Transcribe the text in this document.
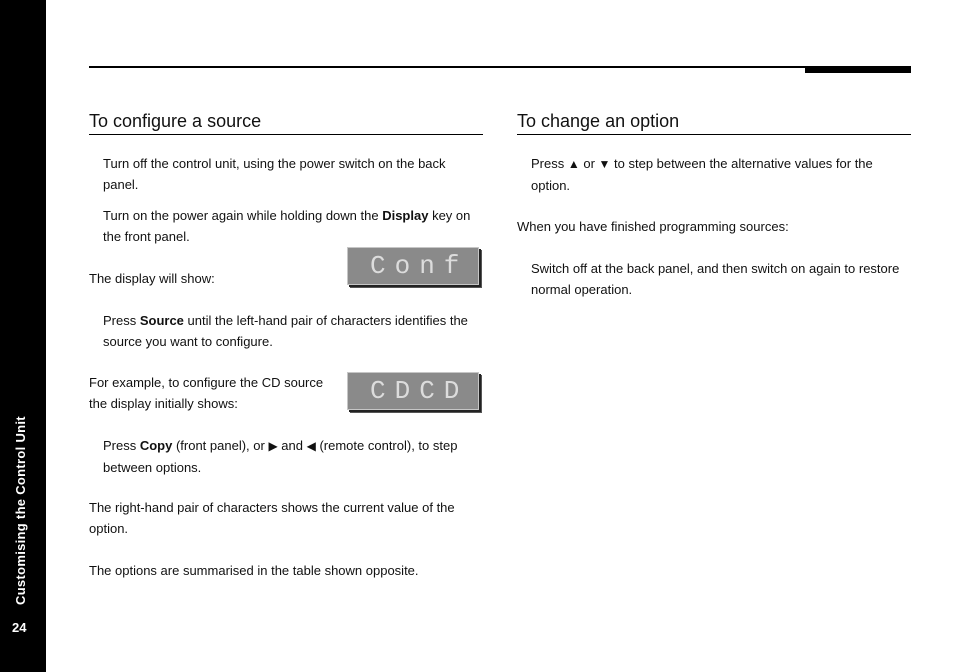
Customising the Control Unit
24
To configure a source

Turn off the control unit, using the power switch on the back panel.

Turn on the power again while holding down the Display key on the front panel.

The display will show:	Conf

Press Source until the left-hand pair of characters identifies the source you want to configure.

For example, to configure the CD source the display initially shows:	CDCD

Press Copy (front panel), or ▶ and ◀ (remote control), to step between options.

The right-hand pair of characters shows the current value of the option.

The options are summarised in the table shown opposite.

To change an option

Press ▲ or ▼ to step between the alternative values for the option.

When you have finished programming sources:

Switch off at the back panel, and then switch on again to restore normal operation.
